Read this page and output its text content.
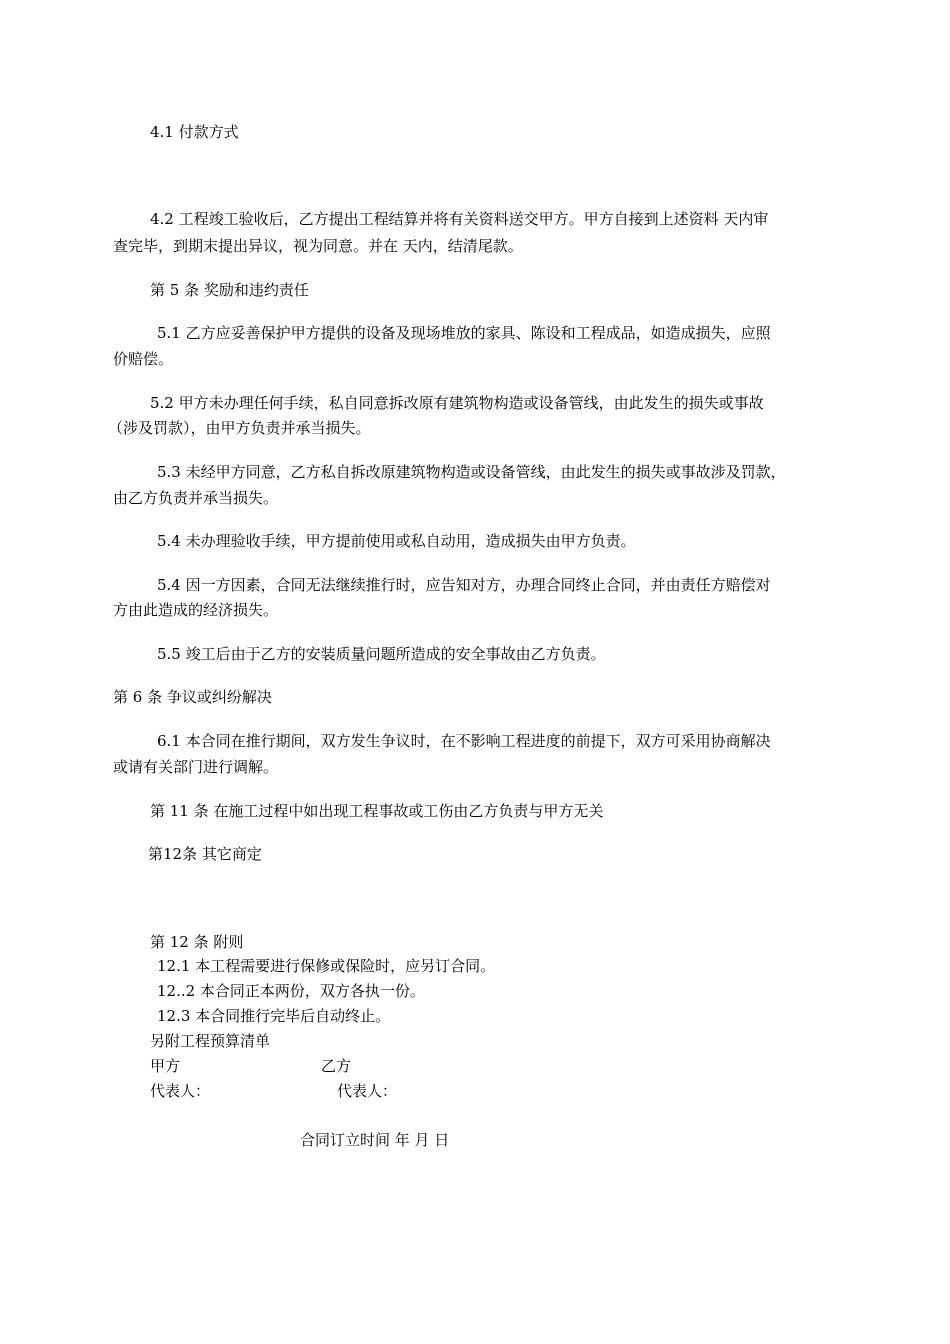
4.1 付款方式
4.2 工程竣工验收后，乙方提出工程结算并将有关资料送交甲方。甲方自接到上述资料 天内审
查完毕，到期末提出异议，视为同意。并在 天内，结清尾款。
第 5 条 奖励和违约责任
5.1 乙方应妥善保护甲方提供的设备及现场堆放的家具、陈设和工程成品，如造成损失，应照
价赔偿。
5.2 甲方未办理任何手续，私自同意拆改原有建筑物构造或设备管线，由此发生的损失或事故
（涉及罚款），由甲方负责并承当损失。
5.3 未经甲方同意，乙方私自拆改原建筑物构造或设备管线，由此发生的损失或事故涉及罚款，
由乙方负责并承当损失。
5.4 未办理验收手续，甲方提前使用或私自动用，造成损失由甲方负责。
5.4 因一方因素，合同无法继续推行时，应告知对方，办理合同终止合同，并由责任方赔偿对
方由此造成的经济损失。
5.5 竣工后由于乙方的安装质量问题所造成的安全事故由乙方负责。
第 6 条 争议或纠纷解决
6.1 本合同在推行期间，双方发生争议时，在不影响工程进度的前提下，双方可采用协商解决
或请有关部门进行调解。
第 11 条 在施工过程中如出现工程事故或工伤由乙方负责与甲方无关
第12条 其它商定
第 12 条 附则
12.1 本工程需要进行保修或保险时，应另订合同。
12..2 本合同正本两份，双方各执一份。
12.3 本合同推行完毕后自动终止。
另附工程预算清单
甲方	乙方
代表人：	代表人：
合同订立时间 年 月 日
